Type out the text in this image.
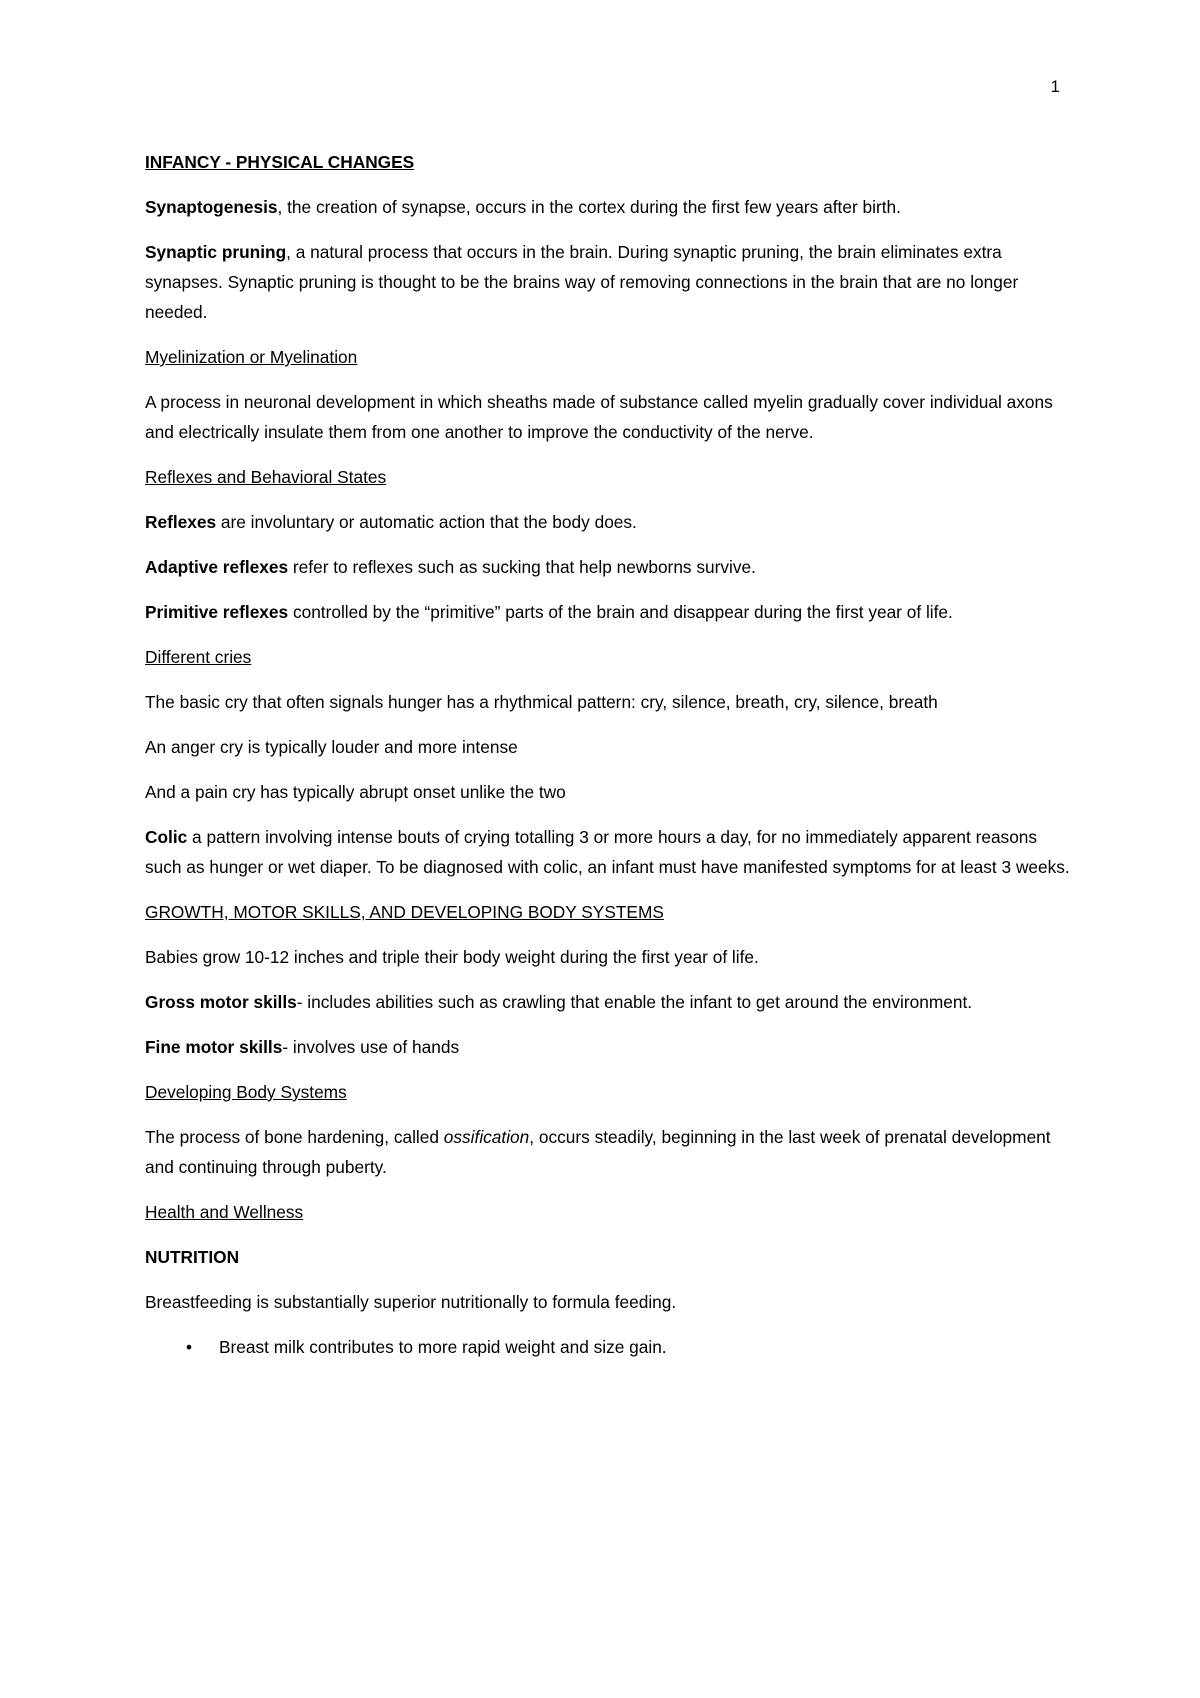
1

INFANCY - PHYSICAL CHANGES

Synaptogenesis, the creation of synapse, occurs in the cortex during the first few years after birth.

Synaptic pruning, a natural process that occurs in the brain. During synaptic pruning, the brain eliminates extra synapses. Synaptic pruning is thought to be the brains way of removing connections in the brain that are no longer needed.

Myelinization or Myelination

A process in neuronal development in which sheaths made of substance called myelin gradually cover individual axons and electrically insulate them from one another to improve the conductivity of the nerve.

Reflexes and Behavioral States

Reflexes are involuntary or automatic action that the body does.

Adaptive reflexes refer to reflexes such as sucking that help newborns survive.

Primitive reflexes controlled by the “primitive” parts of the brain and disappear during the first year of life.

Different cries

The basic cry that often signals hunger has a rhythmical pattern: cry, silence, breath, cry, silence, breath

An anger cry is typically louder and more intense

And a pain cry has typically abrupt onset unlike the two

Colic a pattern involving intense bouts of crying totalling 3 or more hours a day, for no immediately apparent reasons such as hunger or wet diaper. To be diagnosed with colic, an infant must have manifested symptoms for at least 3 weeks.

GROWTH, MOTOR SKILLS, AND DEVELOPING BODY SYSTEMS

Babies grow 10-12 inches and triple their body weight during the first year of life.

Gross motor skills- includes abilities such as crawling that enable the infant to get around the environment.

Fine motor skills- involves use of hands

Developing Body Systems

The process of bone hardening, called ossification, occurs steadily, beginning in the last week of prenatal development and continuing through puberty.

Health and Wellness

NUTRITION

Breastfeeding is substantially superior nutritionally to formula feeding.

• Breast milk contributes to more rapid weight and size gain.
